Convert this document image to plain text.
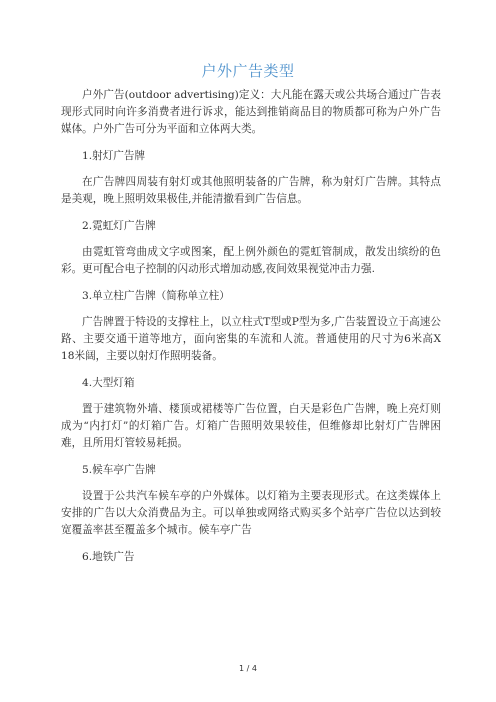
户外广告类型

户外广告(outdoor advertising)定义：大凡能在露天或公共场合通过广告表现形式同时向许多消费者进行诉求，能达到推销商品目的物质都可称为户外广告媒体。户外广告可分为平面和立体两大类。

1.射灯广告牌

在广告牌四周装有射灯或其他照明装备的广告牌，称为射灯广告牌。其特点是美观，晚上照明效果极佳,并能清撤看到广告信息。

2.霓虹灯广告牌

由霓虹管弯曲成文字或图案，配上例外颜色的霓虹管制成，散发出缤纷的色彩。更可配合电子控制的闪动形式增加动感,夜间效果视觉冲击力强.

3.单立柱广告牌（简称单立柱）

广告牌置于特设的支撑柱上，以立柱式T型或P型为多,广告装置设立于高速公路、主要交通干道等地方，面向密集的车流和人流。普通使用的尺寸为6米高X 18米阔，主要以射灯作照明装备。

4.大型灯箱

置于建筑物外墙、楼顶或裙楼等广告位置，白天是彩色广告牌，晚上亮灯则成为“内打灯”的灯箱广告。灯箱广告照明效果较佳，但维修却比射灯广告牌困难，且所用灯管较易耗损。

5.候车亭广告牌

设置于公共汽车候车亭的户外媒体。以灯箱为主要表现形式。在这类媒体上安排的广告以大众消费品为主。可以单独或网络式购买多个站亭广告位以达到较宽覆盖率甚至覆盖多个城市。候车亭广告

6.地铁广告

1 / 4
